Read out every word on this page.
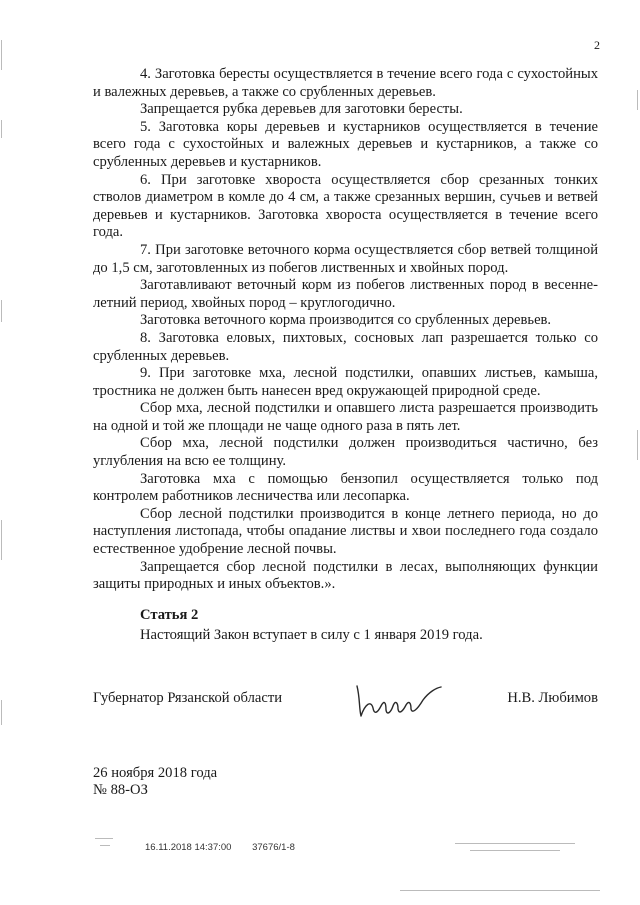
2

4. Заготовка бересты осуществляется в течение всего года с сухостойных и валежных деревьев, а также со срубленных деревьев.

Запрещается рубка деревьев для заготовки бересты.

5. Заготовка коры деревьев и кустарников осуществляется в течение всего года с сухостойных и валежных деревьев и кустарников, а также со срубленных деревьев и кустарников.

6. При заготовке хвороста осуществляется сбор срезанных тонких стволов диаметром в комле до 4 см, а также срезанных вершин, сучьев и ветвей деревьев и кустарников. Заготовка хвороста осуществляется в течение всего года.

7. При заготовке веточного корма осуществляется сбор ветвей толщиной до 1,5 см, заготовленных из побегов лиственных и хвойных пород.

Заготавливают веточный корм из побегов лиственных пород в весенне-летний период, хвойных пород – круглогодично.

Заготовка веточного корма производится со срубленных деревьев.

8. Заготовка еловых, пихтовых, сосновых лап разрешается только со срубленных деревьев.

9. При заготовке мха, лесной подстилки, опавших листьев, камыша, тростника не должен быть нанесен вред окружающей природной среде.

Сбор мха, лесной подстилки и опавшего листа разрешается производить на одной и той же площади не чаще одного раза в пять лет.

Сбор мха, лесной подстилки должен производиться частично, без углубления на всю ее толщину.

Заготовка мха с помощью бензопил осуществляется только под контролем работников лесничества или лесопарка.

Сбор лесной подстилки производится в конце летнего периода, но до наступления листопада, чтобы опадание листвы и хвои последнего года создало естественное удобрение лесной почвы.

Запрещается сбор лесной подстилки в лесах, выполняющих функции защиты природных и иных объектов.».

Статья 2
Настоящий Закон вступает в силу с 1 января 2019 года.
Губернатор Рязанской области	Н.В. Любимов
26 ноября 2018 года
№ 88-ОЗ
16.11.2018 14:37:00 37676/1-8
